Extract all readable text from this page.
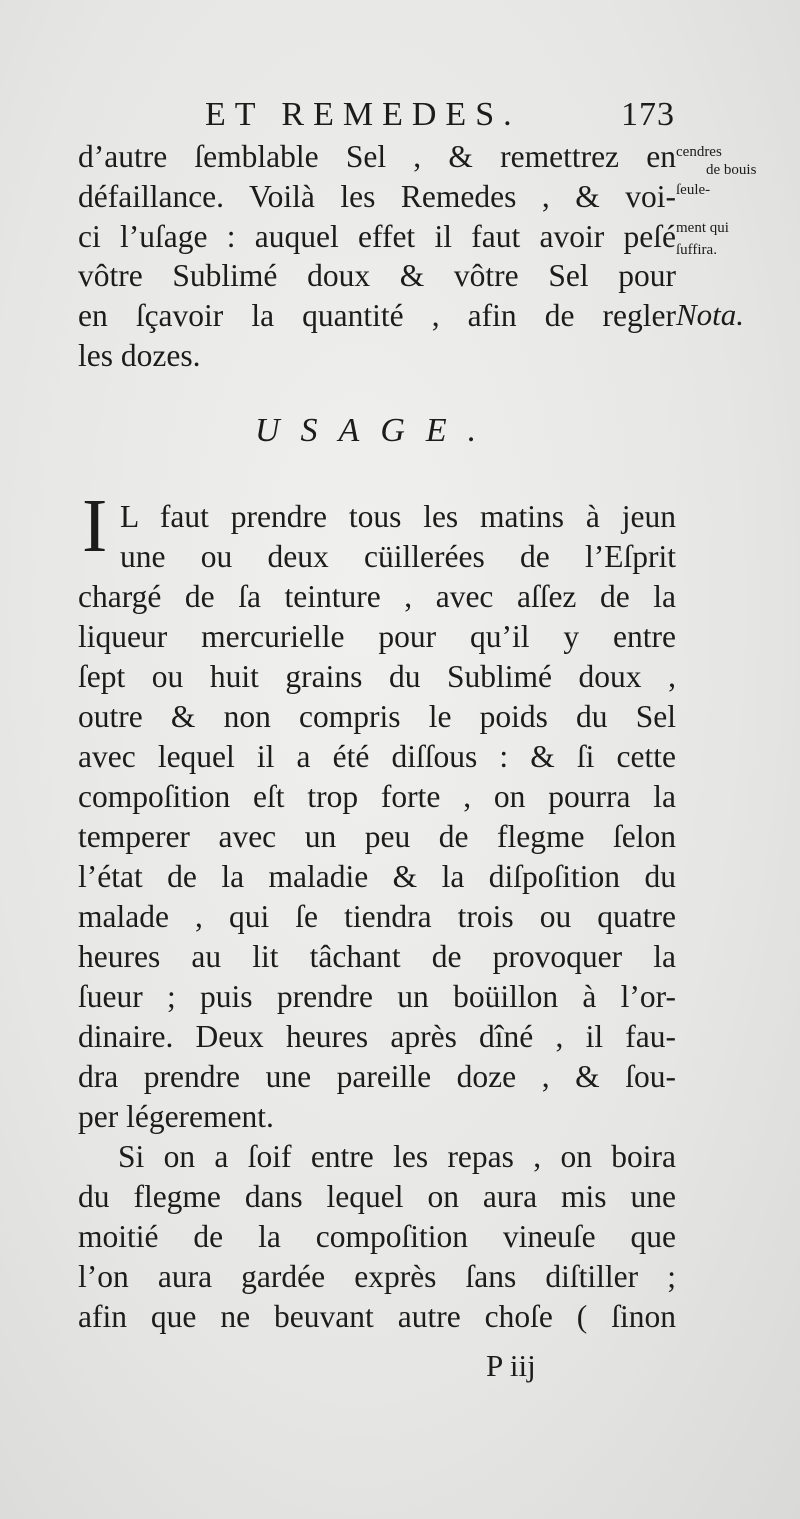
ET REMEDES.	173
d’autre ſemblable Sel , & remettrez en
défaillance. Voilà les Remedes , & voi-
ci l’uſage : auquel effet il faut avoir peſé
vôtre Sublimé doux & vôtre Sel pour
en ſçavoir la quantité , afin de regler
les dozes.
cendres
de bouis
ſeule-
ment qui
ſuffira.
Nota.
USAGE.
I L faut prendre tous les matins à jeun
une ou deux cüillerées de l’Eſprit
chargé de ſa teinture , avec aſſez de la
liqueur mercurielle pour qu’il y entre
ſept ou huit grains du Sublimé doux ,
outre & non compris le poids du Sel
avec lequel il a été diſſous : & ſi cette
compoſition eſt trop forte , on pourra la
temperer avec un peu de flegme ſelon
l’état de la maladie & la diſpoſition du
malade , qui ſe tiendra trois ou quatre
heures au lit tâchant de provoquer la
ſueur ; puis prendre un boüillon à l’or-
dinaire. Deux heures après dîné , il fau-
dra prendre une pareille doze , & ſou-
per légerement.
Si on a ſoif entre les repas , on boira
du flegme dans lequel on aura mis une
moitié de la compoſition vineuſe que
l’on aura gardée exprès ſans diſtiller ;
afin que ne beuvant autre choſe ( ſinon
P iij
